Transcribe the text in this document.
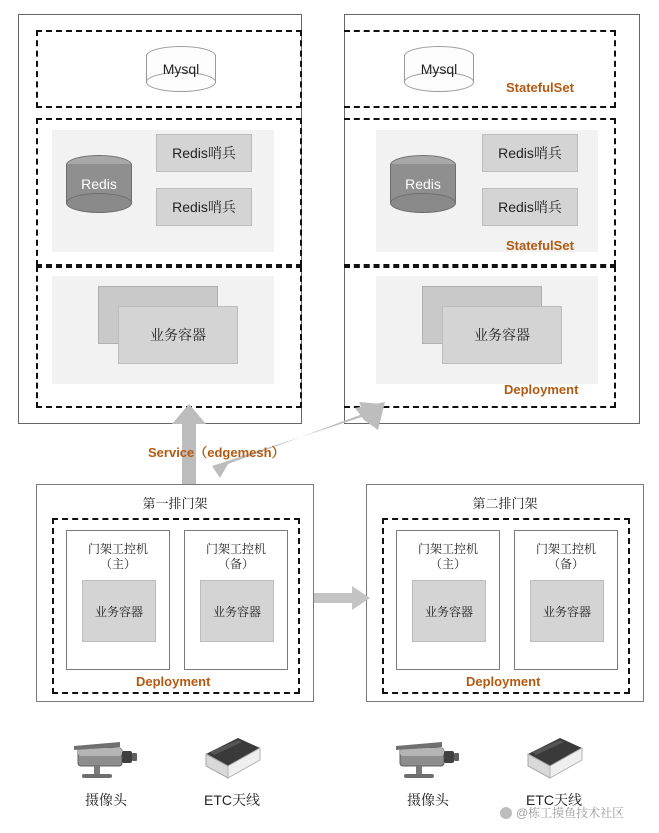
Mysql	Mysql
StatefulSet
Redis
Redis哨兵
Redis哨兵
Redis
Redis哨兵
Redis哨兵
StatefulSet
业务容器	业务容器
Deployment
Service（edgemesh）
第一排门架
门架工控机
（主）
业务容器
门架工控机
（备）
业务容器
Deployment
第二排门架
门架工控机
（主）
业务容器
门架工控机
（备）
业务容器
Deployment
摄像头	ETC天线	摄像头	ETC天线
@栋工摸鱼技术社区
